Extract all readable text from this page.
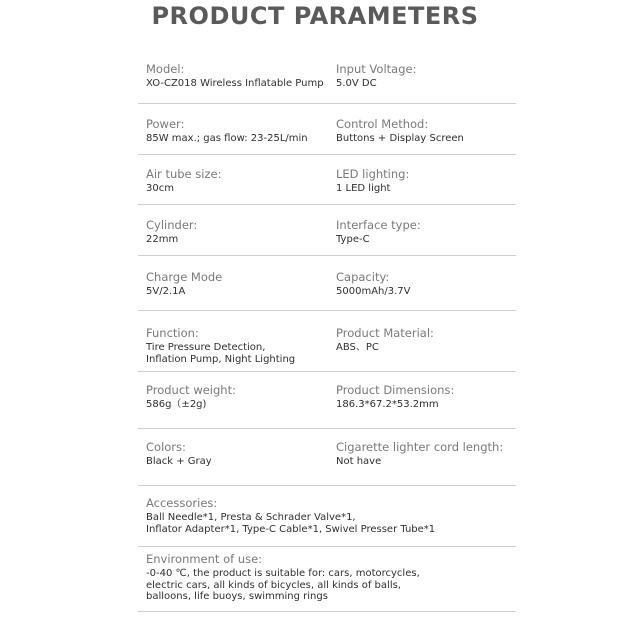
PRODUCT PARAMETERS
Model:
XO-CZ018 Wireless Inflatable Pump
Input Voltage:
5.0V DC
Power:
85W max.; gas flow: 23-25L/min
Control Method:
Buttons + Display Screen
Air tube size:
30cm
LED lighting:
1 LED light
Cylinder:
22mm
Interface type:
Type-C
Charge Mode
5V/2.1A
Capacity:
5000mAh/3.7V
Function:
Tire Pressure Detection,
Inflation Pump, Night Lighting
Product Material:
ABS、PC
Product weight:
586g（±2g)
Product Dimensions:
186.3*67.2*53.2mm
Colors:
Black + Gray
Cigarette lighter cord length:
Not have
Accessories:
Ball Needle*1, Presta & Schrader Valve*1,
Inflator Adapter*1, Type-C Cable*1, Swivel Presser Tube*1
Environment of use:
-0-40 ℃, the product is suitable for: cars, motorcycles,
electric cars, all kinds of bicycles, all kinds of balls,
balloons, life buoys, swimming rings
